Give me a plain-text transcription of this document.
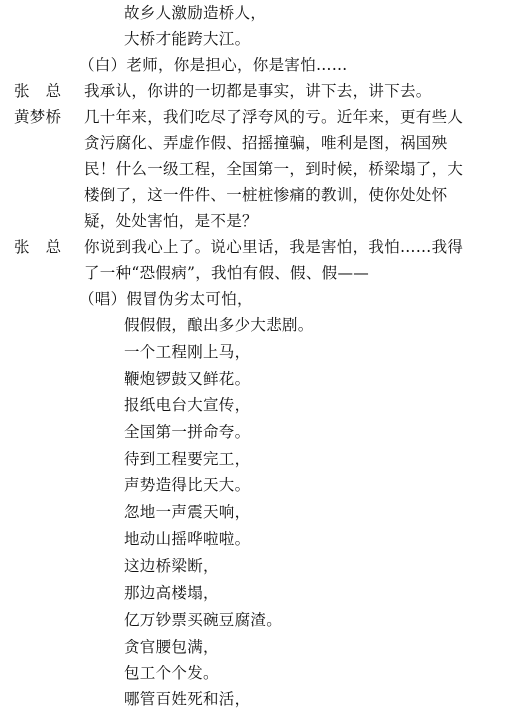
故乡人激励造桥人，
大桥才能跨大江。
（白）老师，你是担心，你是害怕……
张　总	我承认，你讲的一切都是事实，讲下去，讲下去。
黄梦桥	几十年来，我们吃尽了浮夸风的亏。近年来，更有些人
贪污腐化、弄虚作假、招摇撞骗，唯利是图，祸国殃
民！什么一级工程，全国第一，到时候，桥梁塌了，大
楼倒了，这一件件、一桩桩惨痛的教训，使你处处怀
疑，处处害怕，是不是？
张　总	你说到我心上了。说心里话，我是害怕，我怕……我得
了一种“恐假病”，我怕有假、假、假——
（唱）假冒伪劣太可怕，
假假假，酿出多少大悲剧。
一个工程刚上马，
鞭炮锣鼓又鲜花。
报纸电台大宣传，
全国第一拼命夸。
待到工程要完工，
声势造得比天大。
忽地一声震天响，
地动山摇哗啦啦。
这边桥梁断，
那边高楼塌，
亿万钞票买碗豆腐渣。
贪官腰包满，
包工个个发。
哪管百姓死和活，
